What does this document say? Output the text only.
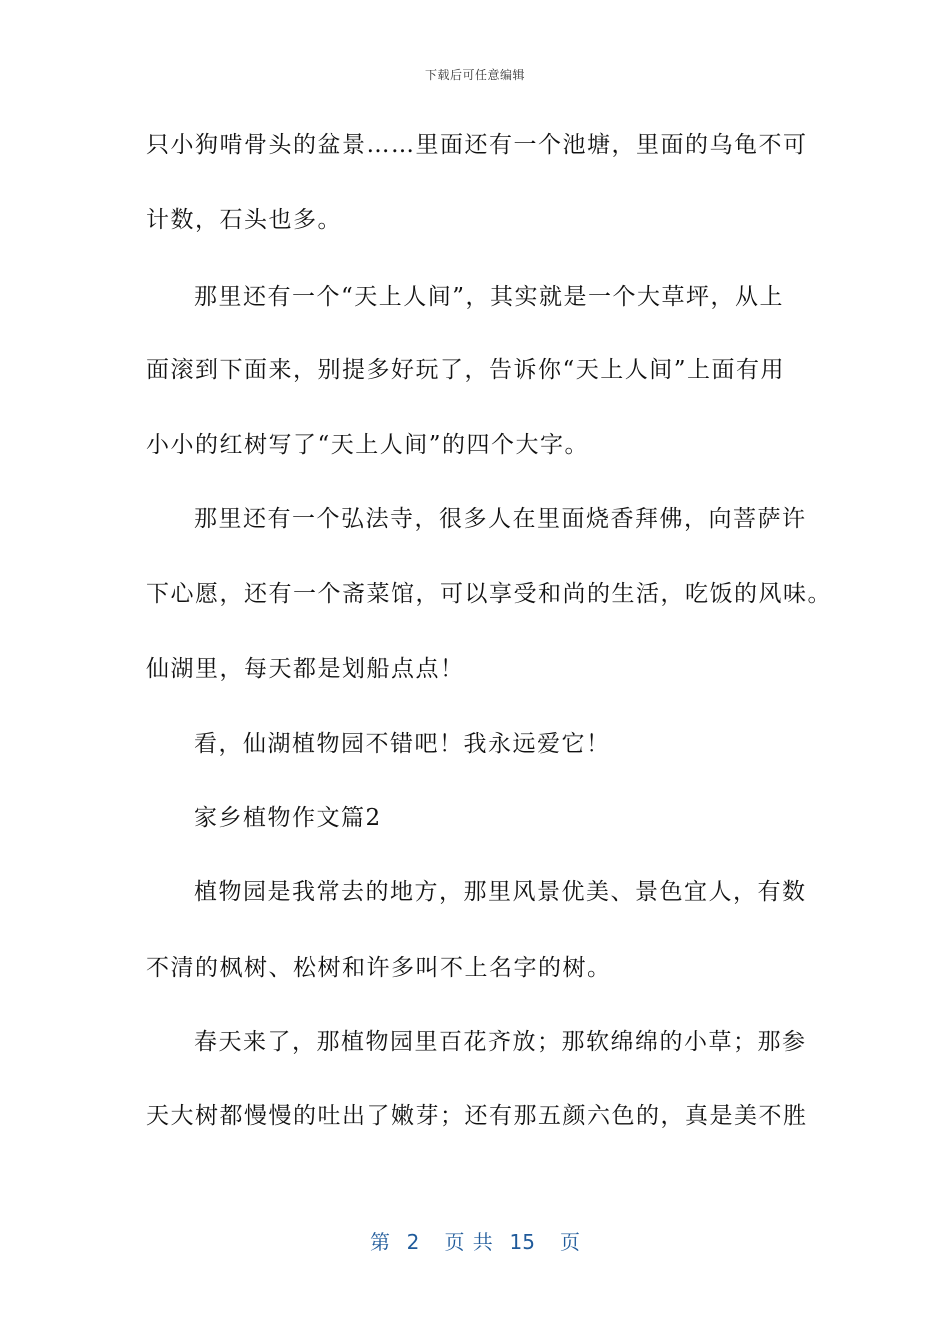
下载后可任意编辑
只小狗啃骨头的盆景……里面还有一个池塘，里面的乌龟不可
计数，石头也多。
那里还有一个“天上人间”，其实就是一个大草坪，从上
面滚到下面来，别提多好玩了，告诉你“天上人间”上面有用
小小的红树写了“天上人间”的四个大字。
那里还有一个弘法寺，很多人在里面烧香拜佛，向菩萨许
下心愿，还有一个斋菜馆，可以享受和尚的生活，吃饭的风味。
仙湖里，每天都是划船点点！
看，仙湖植物园不错吧！我永远爱它！
家乡植物作文篇2
植物园是我常去的地方，那里风景优美、景色宜人，有数
不清的枫树、松树和许多叫不上名字的树。
春天来了，那植物园里百花齐放；那软绵绵的小草；那参
天大树都慢慢的吐出了嫩芽；还有那五颜六色的，真是美不胜
第  2   页 共  15   页
